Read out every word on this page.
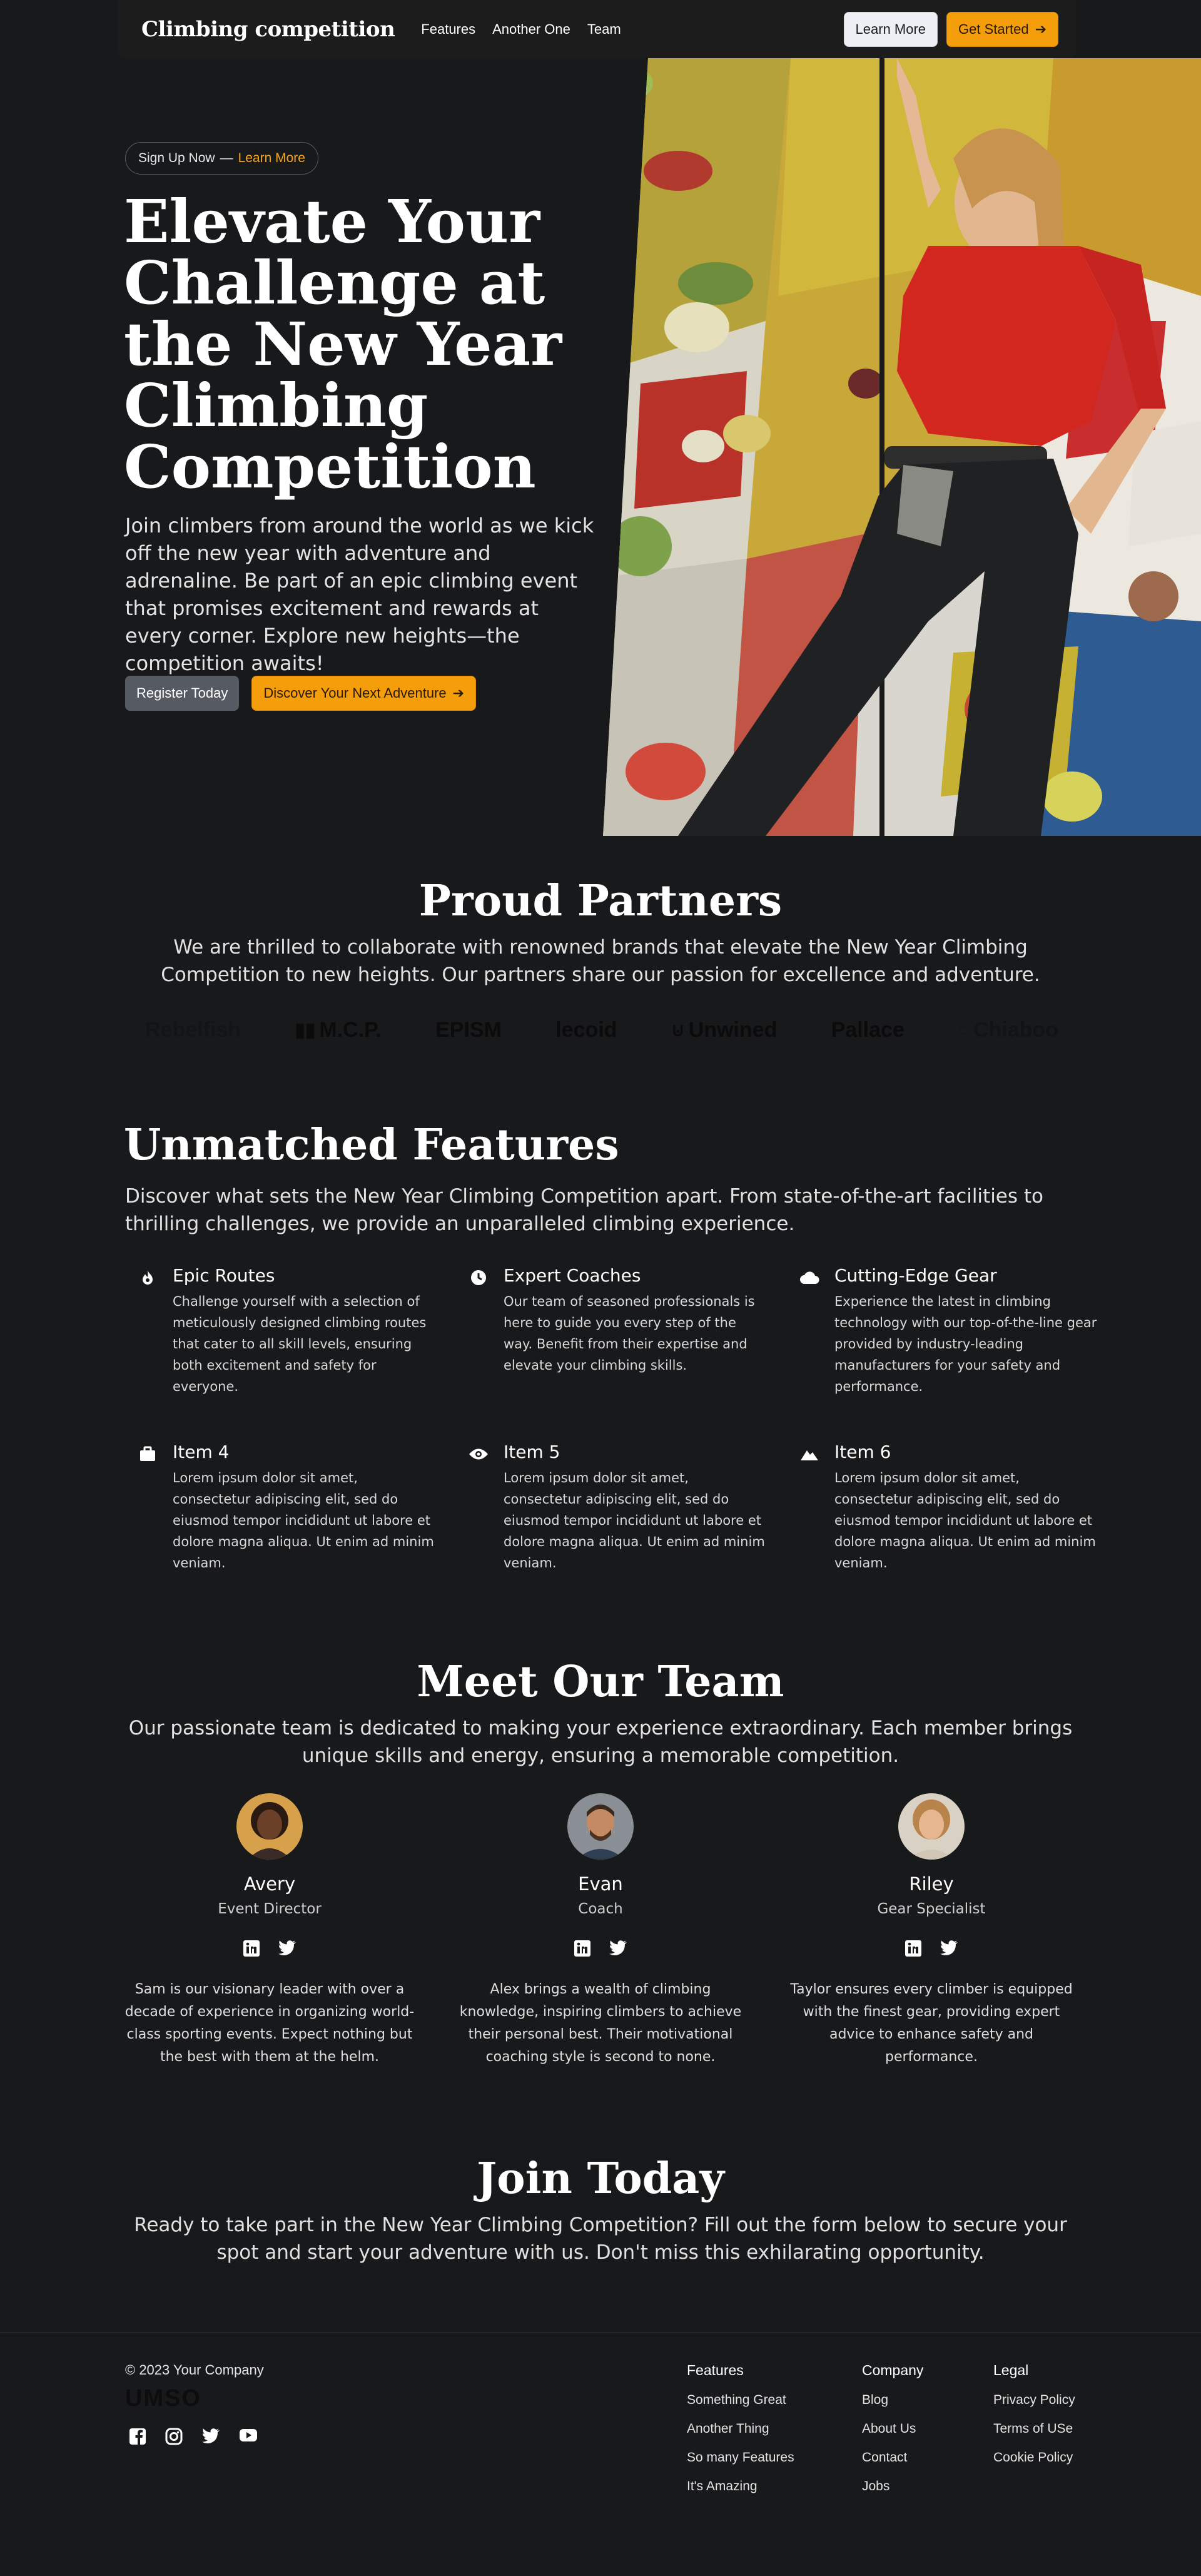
Climbing competition Features Another One Team	Learn More Get Started ➔
Sign Up Now — Learn More
Elevate Your Challenge at the New Year Climbing Competition

Join climbers from around the world as we kick off the new year with adventure and adrenaline. Be part of an epic climbing event that promises excitement and rewards at every corner. Explore new heights—the competition awaits!

Register Today	Discover Your Next Adventure ➔
Proud Partners

We are thrilled to collaborate with renowned brands that elevate the New Year Climbing Competition to new heights. Our partners share our passion for excellence and adventure.

Rebelfish	▮▮ M.C.P.	EPISM	lecoid	⊍ Unwined	Pallace	◌ Chiaboo
Unmatched Features

Discover what sets the New Year Climbing Competition apart. From state-of-the-art facilities to thrilling challenges, we provide an unparalleled climbing experience.

Epic Routes

Challenge yourself with a selection of meticulously designed climbing routes that cater to all skill levels, ensuring both excitement and safety for everyone.

Expert Coaches

Our team of seasoned professionals is here to guide you every step of the way. Benefit from their expertise and elevate your climbing skills.

Cutting-Edge Gear

Experience the latest in climbing technology with our top-of-the-line gear provided by industry-leading manufacturers for your safety and performance.

Item 4

Lorem ipsum dolor sit amet, consectetur adipiscing elit, sed do eiusmod tempor incididunt ut labore et dolore magna aliqua. Ut enim ad minim veniam.

Item 5

Lorem ipsum dolor sit amet, consectetur adipiscing elit, sed do eiusmod tempor incididunt ut labore et dolore magna aliqua. Ut enim ad minim veniam.

Item 6

Lorem ipsum dolor sit amet, consectetur adipiscing elit, sed do eiusmod tempor incididunt ut labore et dolore magna aliqua. Ut enim ad minim veniam.

Meet Our Team

Our passionate team is dedicated to making your experience extraordinary. Each member brings unique skills and energy, ensuring a memorable competition.

Avery
Event Director

Sam is our visionary leader with over a decade of experience in organizing world-class sporting events. Expect nothing but the best with them at the helm.

Evan
Coach

Alex brings a wealth of climbing knowledge, inspiring climbers to achieve their personal best. Their motivational coaching style is second to none.

Riley
Gear Specialist

Taylor ensures every climber is equipped with the finest gear, providing expert advice to enhance safety and performance.

Join Today

Ready to take part in the New Year Climbing Competition? Fill out the form below to secure your spot and start your adventure with us. Don't miss this exhilarating opportunity.

© 2023 Your Company
UMSO
Features
Something Great
Another Thing
So many Features
It's Amazing
Company
Blog
About Us
Contact
Jobs
Legal
Privacy Policy
Terms of USe
Cookie Policy
